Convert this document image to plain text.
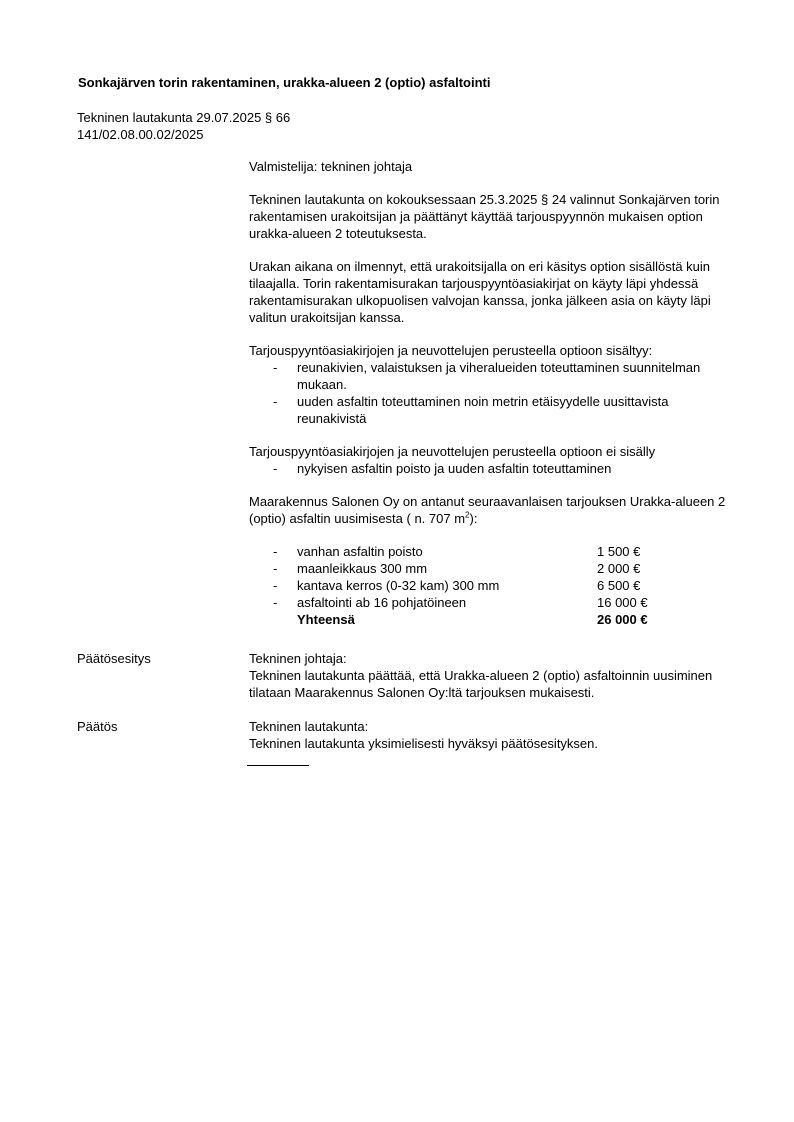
Sonkajärven torin rakentaminen, urakka-alueen 2 (optio) asfaltointi
Tekninen lautakunta 29.07.2025 § 66
141/02.08.00.02/2025

Valmistelija: tekninen johtaja

Tekninen lautakunta on kokouksessaan 25.3.2025 § 24 valinnut Sonkajärven torin rakentamisen urakoitsijan ja päättänyt käyttää tarjouspyynnön mukaisen option urakka-alueen 2 toteutuksesta.

Urakan aikana on ilmennyt, että urakoitsijalla on eri käsitys option sisällöstä kuin tilaajalla. Torin rakentamisurakan tarjouspyyntöasiakirjat on käyty läpi yhdessä rakentamisurakan ulkopuolisen valvojan kanssa, jonka jälkeen asia on käyty läpi valitun urakoitsijan kanssa.

Tarjouspyyntöasiakirjojen ja neuvottelujen perusteella optioon sisältyy:

- reunakivien, valaistuksen ja viheralueiden toteuttaminen suunnitelman mukaan.
- uuden asfaltin toteuttaminen noin metrin etäisyydelle uusittavista reunakivistä

Tarjouspyyntöasiakirjojen ja neuvottelujen perusteella optioon ei sisälly

- nykyisen asfaltin poisto ja uuden asfaltin toteuttaminen

Maarakennus Salonen Oy on antanut seuraavanlaisen tarjouksen Urakka-alueen 2 (optio) asfaltin uusimisesta ( n. 707 $m^2$):

-	vanhan asfaltin poisto	1 500 €
-	maanleikkaus 300 mm	2 000 €
-	kantava kerros (0-32 kam) 300 mm	6 500 €
-	asfaltointi ab 16 pohjatöineen	16 000 €
	Yhteensä	26 000 €
Päätösesitys	Tekninen johtaja:
Tekninen lautakunta päättää, että Urakka-alueen 2 (optio) asfaltoinnin uusiminen tilataan Maarakennus Salonen Oy:ltä tarjouksen mukaisesti.
Päätös	Tekninen lautakunta:
Tekninen lautakunta yksimielisesti hyväksyi päätösesityksen.
